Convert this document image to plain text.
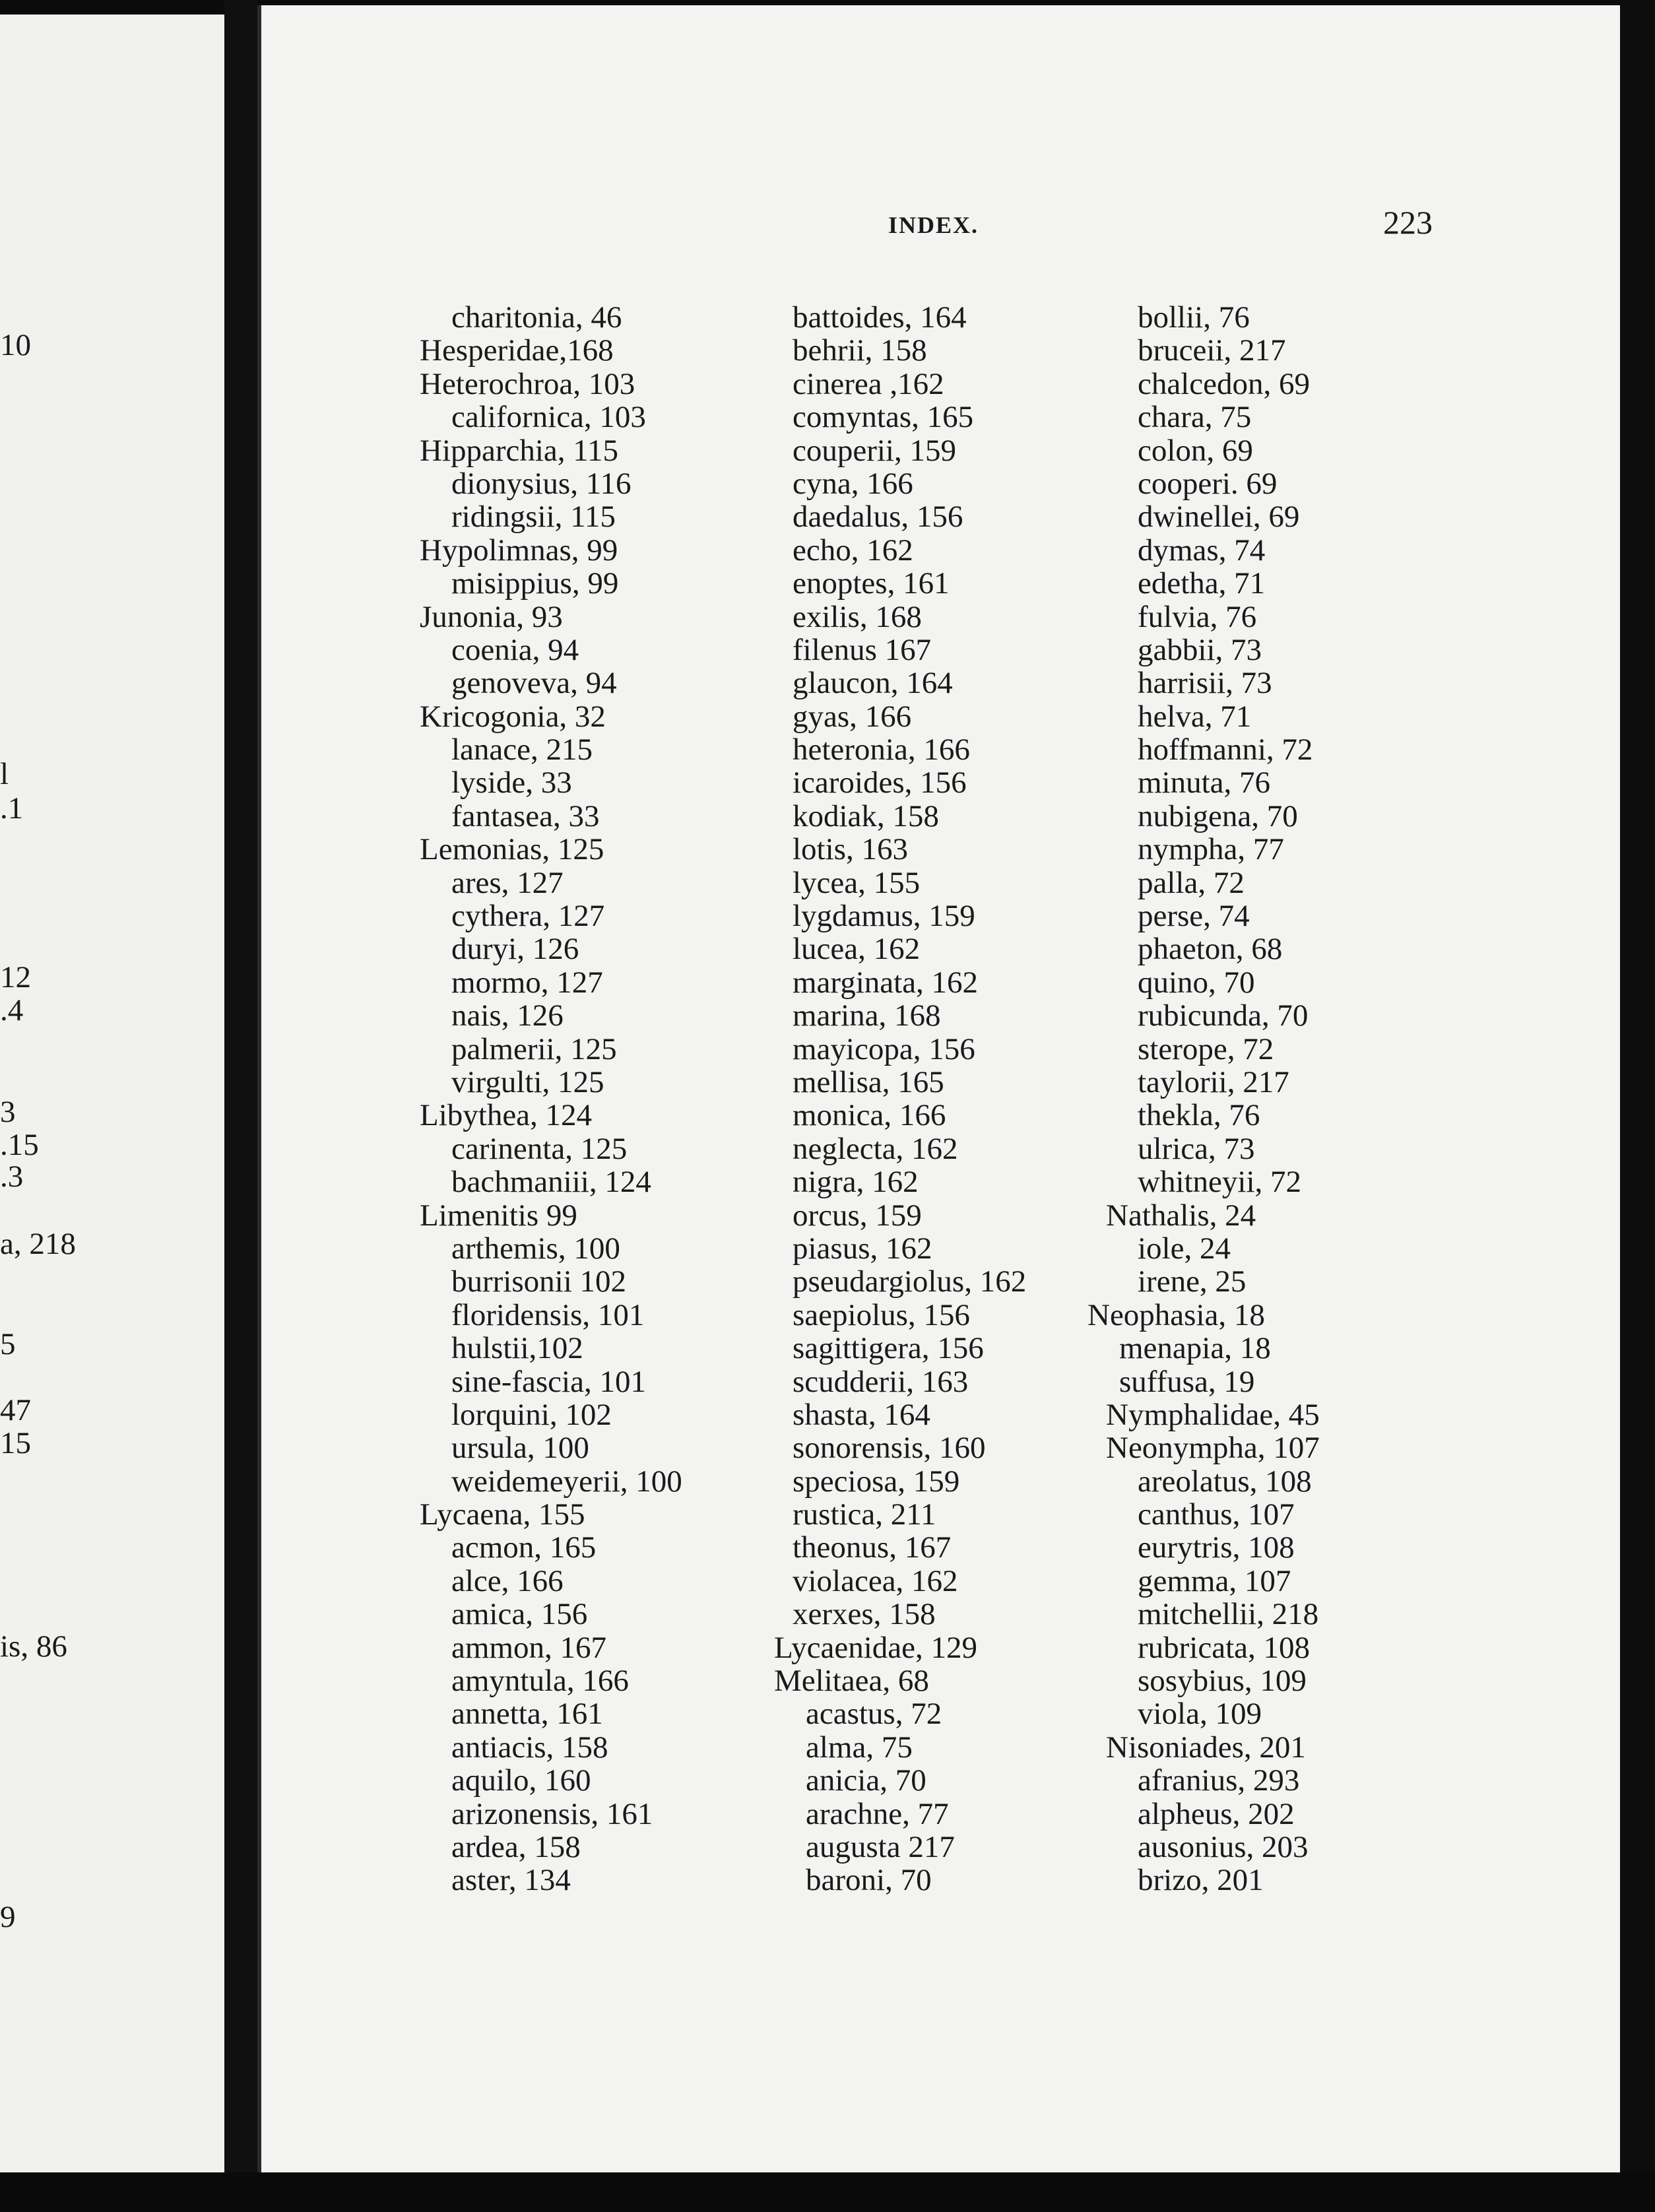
10
l
.1
12
.4
3
.15
.3
a, 218
5
47
15
is, 86
9
INDEX.	223
charitonia, 46
Hesperidae,168
Heterochroa, 103
californica, 103
Hipparchia, 115
dionysius, 116
ridingsii, 115
Hypolimnas, 99
misippius, 99
Junonia, 93
coenia, 94
genoveva, 94
Kricogonia, 32
lanace, 215
lyside, 33
fantasea, 33
Lemonias, 125
ares, 127
cythera, 127
duryi, 126
mormo, 127
nais, 126
palmerii, 125
virgulti, 125
Libythea, 124
carinenta, 125
bachmaniii, 124
Limenitis 99
arthemis, 100
burrisonii 102
floridensis, 101
hulstii,102
sine-fascia, 101
lorquini, 102
ursula, 100
weidemeyerii, 100
Lycaena, 155
acmon, 165
alce, 166
amica, 156
ammon, 167
amyntula, 166
annetta, 161
antiacis, 158
aquilo, 160
arizonensis, 161
ardea, 158
aster, 134
battoides, 164
behrii, 158
cinerea ,162
comyntas, 165
couperii, 159
cyna, 166
daedalus, 156
echo, 162
enoptes, 161
exilis, 168
filenus 167
glaucon, 164
gyas, 166
heteronia, 166
icaroides, 156
kodiak, 158
lotis, 163
lycea, 155
lygdamus, 159
lucea, 162
marginata, 162
marina, 168
mayicopa, 156
mellisa, 165
monica, 166
neglecta, 162
nigra, 162
orcus, 159
piasus, 162
pseudargiolus, 162
saepiolus, 156
sagittigera, 156
scudderii, 163
shasta, 164
sonorensis, 160
speciosa, 159
rustica, 211
theonus, 167
violacea, 162
xerxes, 158
Lycaenidae, 129
Melitaea, 68
acastus, 72
alma, 75
anicia, 70
arachne, 77
augusta 217
baroni, 70
bollii, 76
bruceii, 217
chalcedon, 69
chara, 75
colon, 69
cooperi. 69
dwinellei, 69
dymas, 74
edetha, 71
fulvia, 76
gabbii, 73
harrisii, 73
helva, 71
hoffmanni, 72
minuta, 76
nubigena, 70
nympha, 77
palla, 72
perse, 74
phaeton, 68
quino, 70
rubicunda, 70
sterope, 72
taylorii, 217
thekla, 76
ulrica, 73
whitneyii, 72
Nathalis, 24
iole, 24
irene, 25
Neophasia, 18
menapia, 18
suffusa, 19
Nymphalidae, 45
Neonympha, 107
areolatus, 108
canthus, 107
eurytris, 108
gemma, 107
mitchellii, 218
rubricata, 108
sosybius, 109
viola, 109
Nisoniades, 201
afranius, 293
alpheus, 202
ausonius, 203
brizo, 201
